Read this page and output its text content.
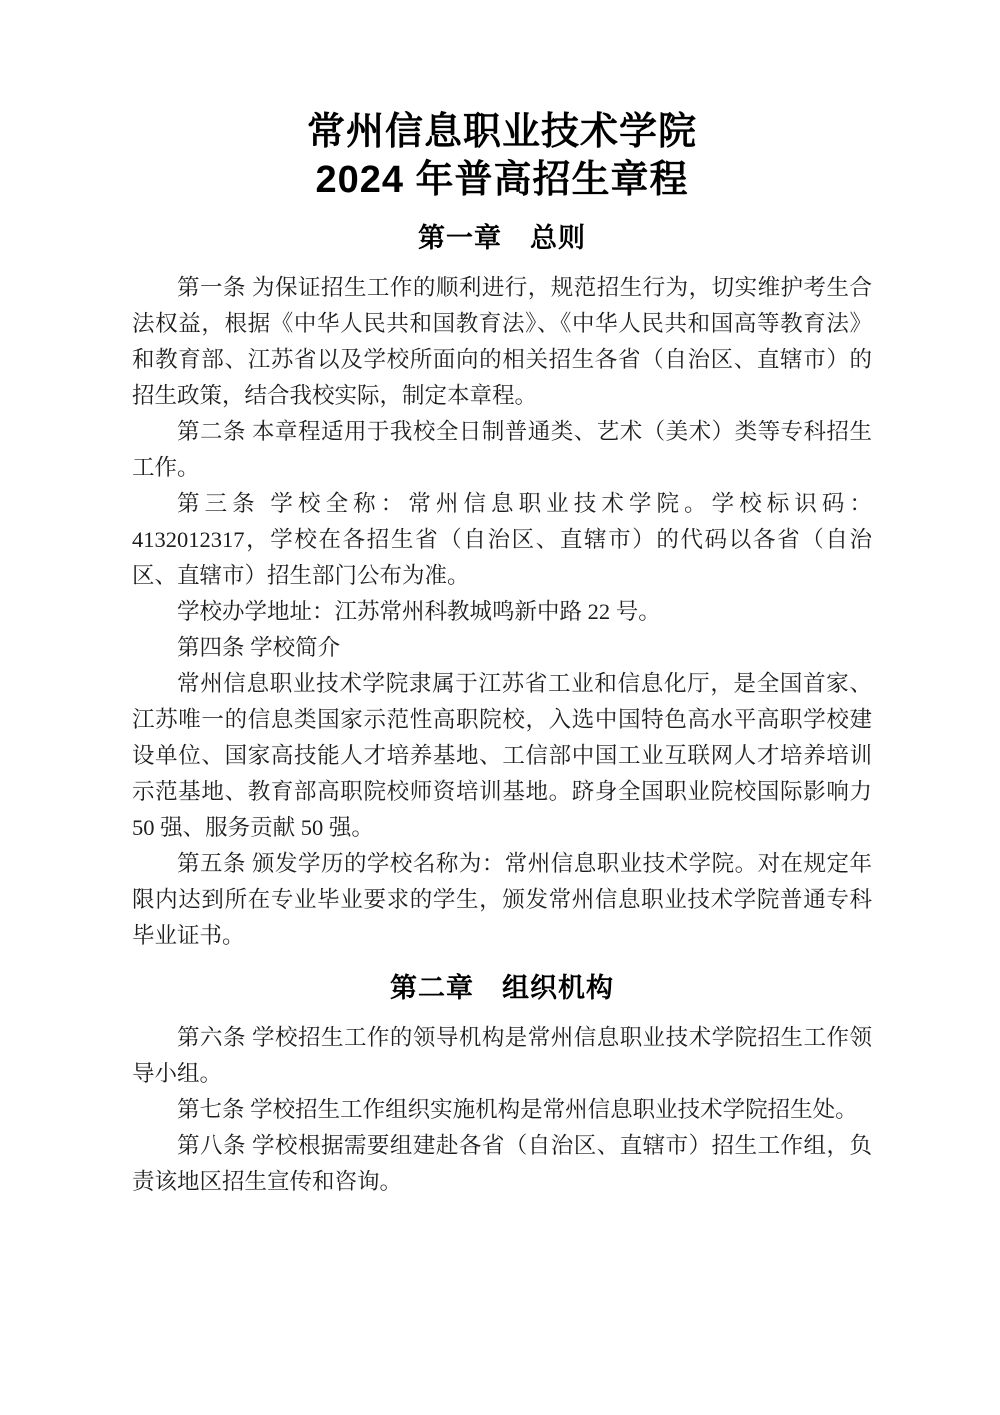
常州信息职业技术学院
2024 年普高招生章程
第一章　总则

第一条 为保证招生工作的顺利进行，规范招生行为，切实维护考生合法权益，根据《中华人民共和国教育法》、《中华人民共和国高等教育法》和教育部、江苏省以及学校所面向的相关招生各省（自治区、直辖市）的招生政策，结合我校实际，制定本章程。

第二条 本章程适用于我校全日制普通类、艺术（美术）类等专科招生工作。

第三条 学校全称：常州信息职业技术学院。学校标识码：4132012317，学校在各招生省（自治区、直辖市）的代码以各省（自治区、直辖市）招生部门公布为准。

学校办学地址：江苏常州科教城鸣新中路 22 号。

第四条 学校简介

常州信息职业技术学院隶属于江苏省工业和信息化厅，是全国首家、江苏唯一的信息类国家示范性高职院校，入选中国特色高水平高职学校建设单位、国家高技能人才培养基地、工信部中国工业互联网人才培养培训示范基地、教育部高职院校师资培训基地。跻身全国职业院校国际影响力 50 强、服务贡献 50 强。

第五条 颁发学历的学校名称为：常州信息职业技术学院。对在规定年限内达到所在专业毕业要求的学生，颁发常州信息职业技术学院普通专科毕业证书。

第二章　组织机构

第六条 学校招生工作的领导机构是常州信息职业技术学院招生工作领导小组。

第七条 学校招生工作组织实施机构是常州信息职业技术学院招生处。

第八条 学校根据需要组建赴各省（自治区、直辖市）招生工作组，负责该地区招生宣传和咨询。
